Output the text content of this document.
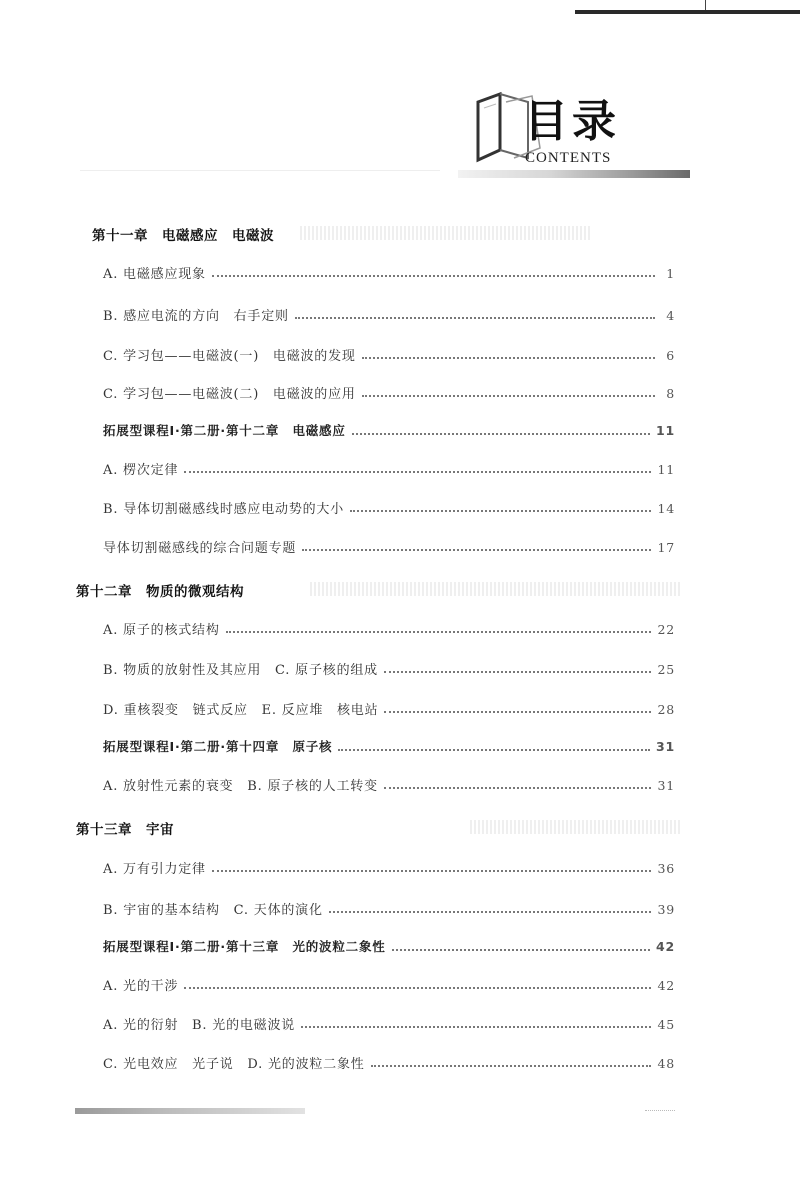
目录
CONTENTS
第十一章　电磁感应　电磁波
A. 电磁感应现象	1
B. 感应电流的方向　右手定则	4
C. 学习包——电磁波(一)　电磁波的发现	6
C. 学习包——电磁波(二)　电磁波的应用	8
拓展型课程Ⅰ·第二册·第十二章　电磁感应	11
A. 楞次定律	11
B. 导体切割磁感线时感应电动势的大小	14
导体切割磁感线的综合问题专题	17
第十二章　物质的微观结构
A. 原子的核式结构	22
B. 物质的放射性及其应用　C. 原子核的组成	25
D. 重核裂变　链式反应　E. 反应堆　核电站	28
拓展型课程Ⅰ·第二册·第十四章　原子核	31
A. 放射性元素的衰变　B. 原子核的人工转变	31
第十三章　宇宙
A. 万有引力定律	36
B. 宇宙的基本结构　C. 天体的演化	39
拓展型课程Ⅰ·第二册·第十三章　光的波粒二象性	42
A. 光的干涉	42
A. 光的衍射　B. 光的电磁波说	45
C. 光电效应　光子说　D. 光的波粒二象性	48
